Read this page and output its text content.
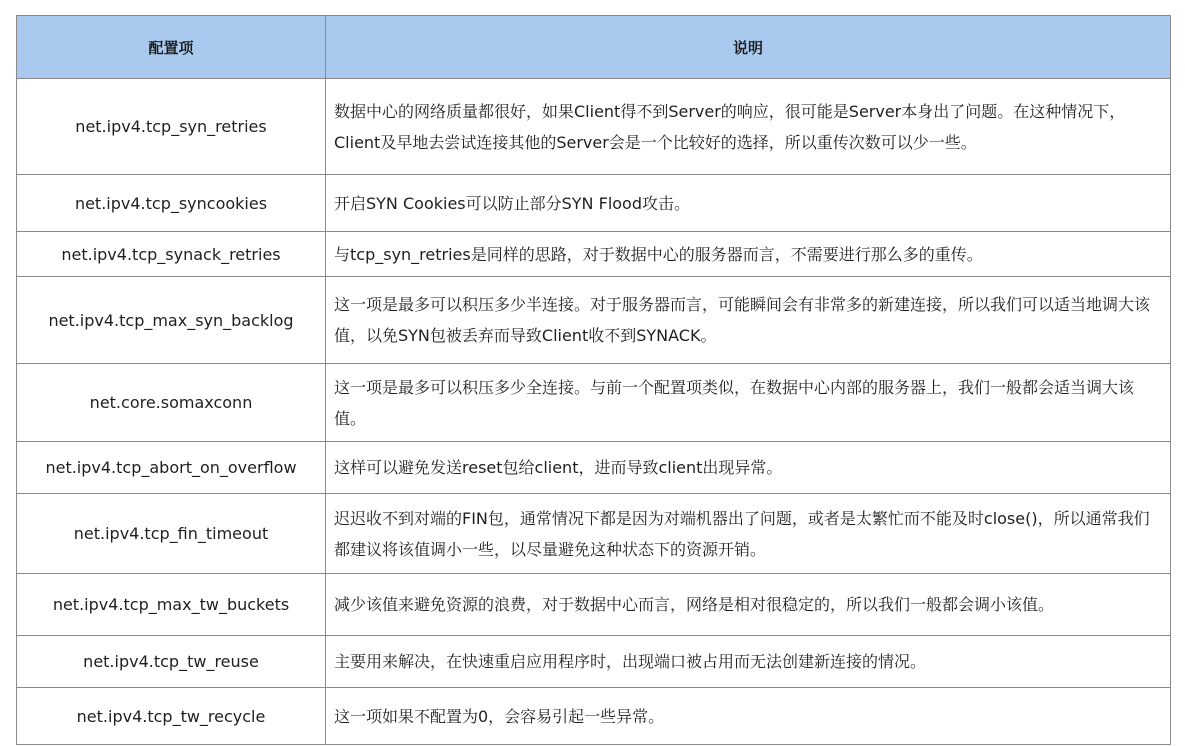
配置项	说明
net.ipv4.tcp_syn_retries	数据中心的网络质量都很好，如果Client得不到Server的响应，很可能是Server本身出了问题。在这种情况下，Client及早地去尝试连接其他的Server会是一个比较好的选择，所以重传次数可以少一些。
net.ipv4.tcp_syncookies	开启SYN Cookies可以防止部分SYN Flood攻击。
net.ipv4.tcp_synack_retries	与tcp_syn_retries是同样的思路，对于数据中心的服务器而言，不需要进行那么多的重传。
net.ipv4.tcp_max_syn_backlog	这一项是最多可以积压多少半连接。对于服务器而言，可能瞬间会有非常多的新建连接，所以我们可以适当地调大该值，以免SYN包被丢弃而导致Client收不到SYNACK。
net.core.somaxconn	这一项是最多可以积压多少全连接。与前一个配置项类似，在数据中心内部的服务器上，我们一般都会适当调大该值。
net.ipv4.tcp_abort_on_overflow	这样可以避免发送reset包给client，进而导致client出现异常。
net.ipv4.tcp_fin_timeout	迟迟收不到对端的FIN包，通常情况下都是因为对端机器出了问题，或者是太繁忙而不能及时close()，所以通常我们都建议将该值调小一些，以尽量避免这种状态下的资源开销。
net.ipv4.tcp_max_tw_buckets	减少该值来避免资源的浪费，对于数据中心而言，网络是相对很稳定的，所以我们一般都会调小该值。
net.ipv4.tcp_tw_reuse	主要用来解决，在快速重启应用程序时，出现端口被占用而无法创建新连接的情况。
net.ipv4.tcp_tw_recycle	这一项如果不配置为0，会容易引起一些异常。
